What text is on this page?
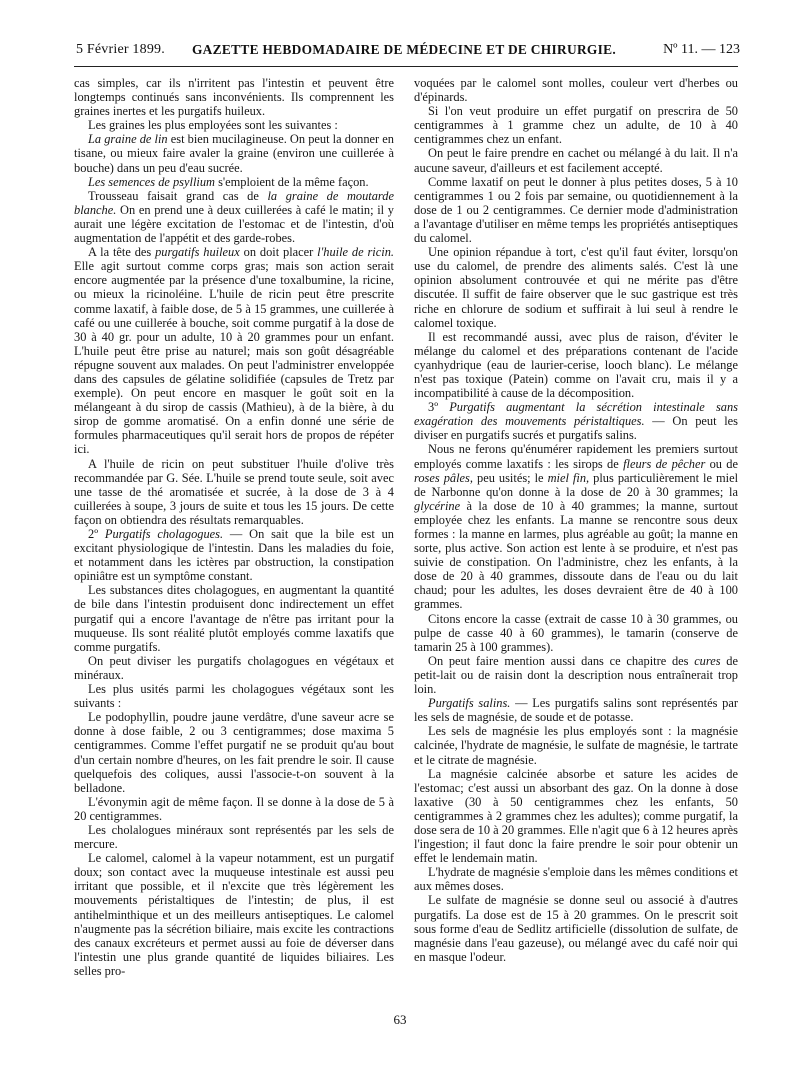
5 Février 1899.	GAZETTE HEBDOMADAIRE DE MÉDECINE ET DE CHIRURGIE.	Nº 11. — 123

cas simples, car ils n'irritent pas l'intestin et peuvent être longtemps continués sans inconvénients. Ils comprennent les graines inertes et les purgatifs huileux.

Les graines les plus employées sont les suivantes :

La graine de lin est bien mucilagineuse. On peut la donner en tisane, ou mieux faire avaler la graine (environ une cuillerée à bouche) dans un peu d'eau sucrée.

Les semences de psyllium s'emploient de la même façon.

Trousseau faisait grand cas de la graine de moutarde blanche. On en prend une à deux cuillerées à café le matin; il y aurait une légère excitation de l'estomac et de l'intestin, d'où augmentation de l'appétit et des garde-robes.

A la tête des purgatifs huileux on doit placer l'huile de ricin. Elle agit surtout comme corps gras; mais son action serait encore augmentée par la présence d'une toxalbumine, la ricine, ou mieux la ricinoléine. L'huile de ricin peut être prescrite comme laxatif, à faible dose, de 5 à 15 grammes, une cuillerée à café ou une cuillerée à bouche, soit comme purgatif à la dose de 30 à 40 gr. pour un adulte, 10 à 20 grammes pour un enfant. L'huile peut être prise au naturel; mais son goût désagréable répugne souvent aux malades. On peut l'administrer enveloppée dans des capsules de gélatine solidifiée (capsules de Tretz par exemple). On peut encore en masquer le goût soit en la mélangeant à du sirop de cassis (Mathieu), à de la bière, à du sirop de gomme aromatisé. On a enfin donné une série de formules pharmaceutiques qu'il serait hors de propos de répéter ici.

A l'huile de ricin on peut substituer l'huile d'olive très recommandée par G. Sée. L'huile se prend toute seule, soit avec une tasse de thé aromatisée et sucrée, à la dose de 3 à 4 cuillerées à soupe, 3 jours de suite et tous les 15 jours. De cette façon on obtiendra des résultats remarquables.

2º Purgatifs cholagogues. — On sait que la bile est un excitant physiologique de l'intestin. Dans les maladies du foie, et notamment dans les ictères par obstruction, la constipation opiniâtre est un symptôme constant.

Les substances dites cholagogues, en augmentant la quantité de bile dans l'intestin produisent donc indirectement un effet purgatif qui a encore l'avantage de n'être pas irritant pour la muqueuse. Ils sont réalité plutôt employés comme laxatifs que comme purgatifs.

On peut diviser les purgatifs cholagogues en végétaux et minéraux.

Les plus usités parmi les cholagogues végétaux sont les suivants :

Le podophyllin, poudre jaune verdâtre, d'une saveur acre se donne à dose faible, 2 ou 3 centigrammes; dose maxima 5 centigrammes. Comme l'effet purgatif ne se produit qu'au bout d'un certain nombre d'heures, on les fait prendre le soir. Il cause quelquefois des coliques, aussi l'associe-t-on souvent à la belladone.

L'évonymin agit de même façon. Il se donne à la dose de 5 à 20 centigrammes.

Les cholalogues minéraux sont représentés par les sels de mercure.

Le calomel, calomel à la vapeur notamment, est un purgatif doux; son contact avec la muqueuse intestinale est aussi peu irritant que possible, et il n'excite que très légèrement les mouvements péristaltiques de l'intestin; de plus, il est antihelminthique et un des meilleurs antiseptiques. Le calomel n'augmente pas la sécrétion biliaire, mais excite les contractions des canaux excréteurs et permet aussi au foie de déverser dans l'intestin une plus grande quantité de liquides biliaires. Les selles pro-

voquées par le calomel sont molles, couleur vert d'herbes ou d'épinards.

Si l'on veut produire un effet purgatif on prescrira de 50 centigrammes à 1 gramme chez un adulte, de 10 à 40 centigrammes chez un enfant.

On peut le faire prendre en cachet ou mélangé à du lait. Il n'a aucune saveur, d'ailleurs et est facilement accepté.

Comme laxatif on peut le donner à plus petites doses, 5 à 10 centigrammes 1 ou 2 fois par semaine, ou quotidiennement à la dose de 1 ou 2 centigrammes. Ce dernier mode d'administration a l'avantage d'utiliser en même temps les propriétés antiseptiques du calomel.

Une opinion répandue à tort, c'est qu'il faut éviter, lorsqu'on use du calomel, de prendre des aliments salés. C'est là une opinion absolument controuvée et qui ne mérite pas d'être discutée. Il suffit de faire observer que le suc gastrique est très riche en chlorure de sodium et suffirait à lui seul à rendre le calomel toxique.

Il est recommandé aussi, avec plus de raison, d'éviter le mélange du calomel et des préparations contenant de l'acide cyanhydrique (eau de laurier-cerise, looch blanc). Le mélange n'est pas toxique (Patein) comme on l'avait cru, mais il y a incompatibilité à cause de la décomposition.

3º Purgatifs augmentant la sécrétion intestinale sans exagération des mouvements péristaltiques. — On peut les diviser en purgatifs sucrés et purgatifs salins.

Nous ne ferons qu'énumérer rapidement les premiers surtout employés comme laxatifs : les sirops de fleurs de pêcher ou de roses pâles, peu usités; le miel fin, plus particulièrement le miel de Narbonne qu'on donne à la dose de 20 à 30 grammes; la glycérine à la dose de 10 à 40 grammes; la manne, surtout employée chez les enfants. La manne se rencontre sous deux formes : la manne en larmes, plus agréable au goût; la manne en sorte, plus active. Son action est lente à se produire, et n'est pas suivie de constipation. On l'administre, chez les enfants, à la dose de 20 à 40 grammes, dissoute dans de l'eau ou du lait chaud; pour les adultes, les doses devraient être de 40 à 100 grammes.

Citons encore la casse (extrait de casse 10 à 30 grammes, ou pulpe de casse 40 à 60 grammes), le tamarin (conserve de tamarin 25 à 100 grammes).

On peut faire mention aussi dans ce chapitre des cures de petit-lait ou de raisin dont la description nous entraînerait trop loin.

Purgatifs salins. — Les purgatifs salins sont représentés par les sels de magnésie, de soude et de potasse.

Les sels de magnésie les plus employés sont : la magnésie calcinée, l'hydrate de magnésie, le sulfate de magnésie, le tartrate et le citrate de magnésie.

La magnésie calcinée absorbe et sature les acides de l'estomac; c'est aussi un absorbant des gaz. On la donne à dose laxative (30 à 50 centigrammes chez les enfants, 50 centigrammes à 2 grammes chez les adultes); comme purgatif, la dose sera de 10 à 20 grammes. Elle n'agit que 6 à 12 heures après l'ingestion; il faut donc la faire prendre le soir pour obtenir un effet le lendemain matin.

L'hydrate de magnésie s'emploie dans les mêmes conditions et aux mêmes doses.

Le sulfate de magnésie se donne seul ou associé à d'autres purgatifs. La dose est de 15 à 20 grammes. On le prescrit soit sous forme d'eau de Sedlitz artificielle (dissolution de sulfate, de magnésie dans l'eau gazeuse), ou mélangé avec du café noir qui en masque l'odeur.

63
